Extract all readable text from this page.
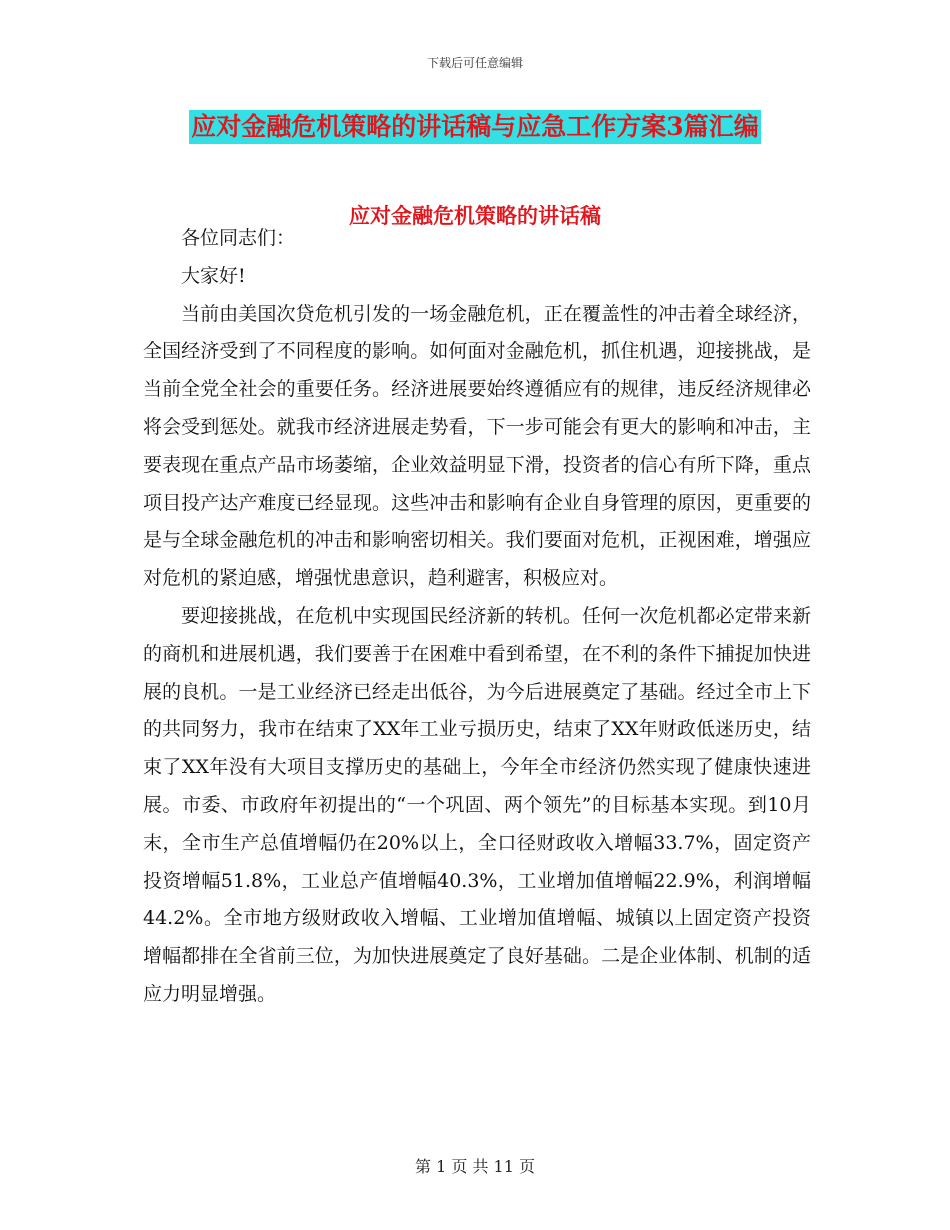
下载后可任意编辑
应对金融危机策略的讲话稿与应急工作方案3篇汇编
应对金融危机策略的讲话稿

各位同志们：

大家好!

当前由美国次贷危机引发的一场金融危机，正在覆盖性的冲击着全球经济，全国经济受到了不同程度的影响。如何面对金融危机，抓住机遇，迎接挑战，是当前全党全社会的重要任务。经济进展要始终遵循应有的规律，违反经济规律必将会受到惩处。就我市经济进展走势看，下一步可能会有更大的影响和冲击，主要表现在重点产品市场萎缩，企业效益明显下滑，投资者的信心有所下降，重点项目投产达产难度已经显现。这些冲击和影响有企业自身管理的原因，更重要的是与全球金融危机的冲击和影响密切相关。我们要面对危机，正视困难，增强应对危机的紧迫感，增强忧患意识，趋利避害，积极应对。

要迎接挑战，在危机中实现国民经济新的转机。任何一次危机都必定带来新的商机和进展机遇，我们要善于在困难中看到希望，在不利的条件下捕捉加快进展的良机。一是工业经济已经走出低谷，为今后进展奠定了基础。经过全市上下的共同努力，我市在结束了XX年工业亏损历史，结束了XX年财政低迷历史，结束了XX年没有大项目支撑历史的基础上，今年全市经济仍然实现了健康快速进展。市委、市政府年初提出的“一个巩固、两个领先”的目标基本实现。到10月末，全市生产总值增幅仍在20%以上，全口径财政收入增幅33.7%，固定资产投资增幅51.8%，工业总产值增幅40.3%，工业增加值增幅22.9%，利润增幅44.2%。全市地方级财政收入增幅、工业增加值增幅、城镇以上固定资产投资增幅都排在全省前三位，为加快进展奠定了良好基础。二是企业体制、机制的适应力明显增强。

第 1 页 共 11 页
